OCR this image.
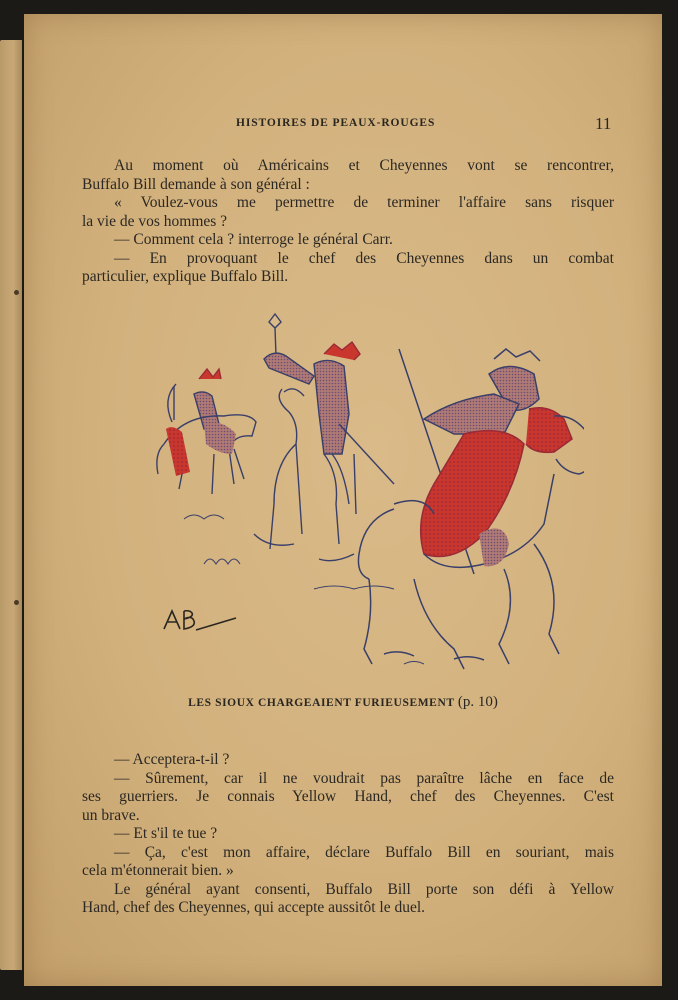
HISTOIRES DE PEAUX-ROUGES	11
Au moment où Américains et Cheyennes vont se rencontrer,
Buffalo Bill demande à son général :
« Voulez-vous me permettre de terminer l'affaire sans risquer
la vie de vos hommes ?
— Comment cela ? interroge le général Carr.
— En provoquant le chef des Cheyennes dans un combat
particulier, explique Buffalo Bill.
LES SIOUX CHARGEAIENT FURIEUSEMENT (p. 10)
— Acceptera-t-il ?
— Sûrement, car il ne voudrait pas paraître lâche en face de
ses guerriers. Je connais Yellow Hand, chef des Cheyennes. C'est
un brave.
— Et s'il te tue ?
— Ça, c'est mon affaire, déclare Buffalo Bill en souriant, mais
cela m'étonnerait bien. »
Le général ayant consenti, Buffalo Bill porte son défi à Yellow
Hand, chef des Cheyennes, qui accepte aussitôt le duel.
